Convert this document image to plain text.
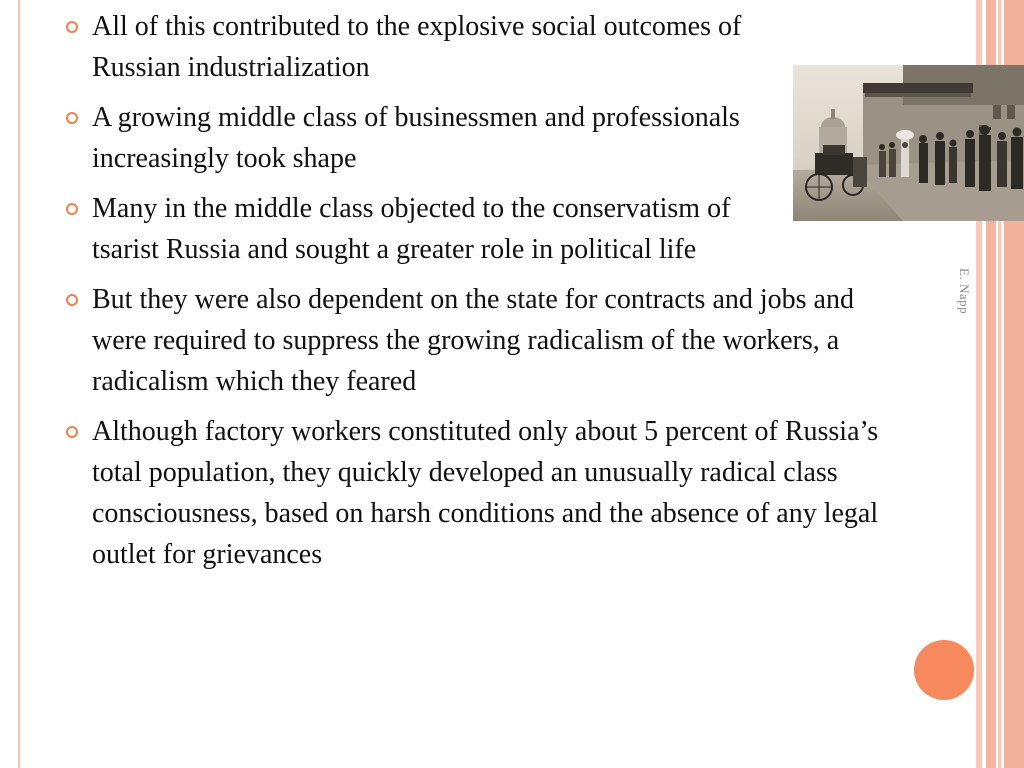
E. Napp
All of this contributed to the explosive social outcomes of Russian industrialization
A growing middle class of businessmen and professionals increasingly took shape
Many in the middle class objected to the conservatism of tsarist Russia and sought a greater role in political life
But they were also dependent on the state for contracts and jobs and were required to suppress the growing radicalism of the workers, a radicalism which they feared
Although factory workers constituted only about 5 percent of Russia’s total population, they quickly developed an unusually radical class consciousness, based on harsh conditions and the absence of any legal outlet for grievances
